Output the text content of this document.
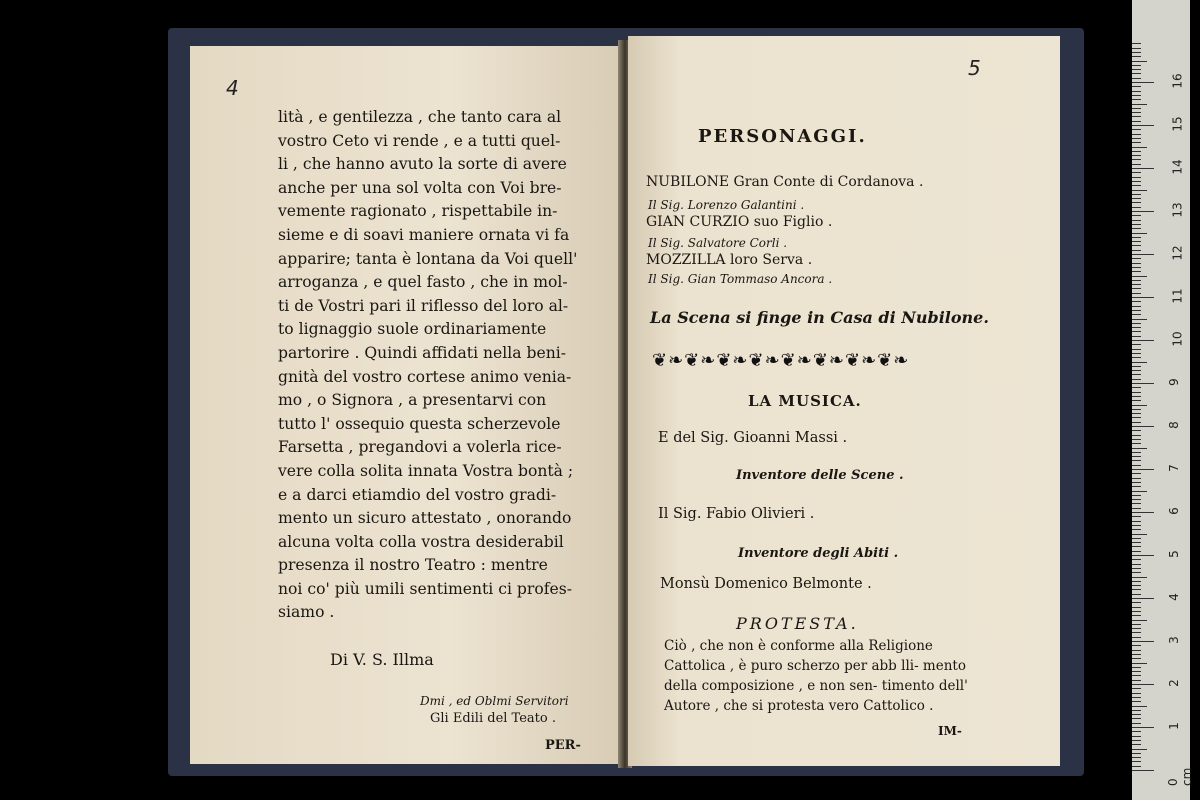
4
lità , e gentilezza , che tanto cara al
vostro Ceto vi rende , e a tutti quel-
li , che hanno avuto la sorte di avere
anche per una sol volta con Voi bre-
vemente ragionato , rispettabile in-
sieme e di soavi maniere ornata vi fa
apparire; tanta è lontana da Voi quell'
arroganza , e quel fasto , che in mol-
ti de Vostri pari il riflesso del loro al-
to lignaggio suole ordinariamente
partorire . Quindi affidati nella beni-
gnità del vostro cortese animo venia-
mo , o Signora , a presentarvi con
tutto l' ossequio questa scherzevole
Farsetta , pregandovi a volerla rice-
vere colla solita innata Vostra bontà ;
e a darci etiamdio del vostro gradi-
mento un sicuro attestato , onorando
alcuna volta colla vostra desiderabil
presenza il nostro Teatro : mentre
noi co' più umili sentimenti ci profes-
siamo .
Di V. S. Illma
Dmi , ed Oblmi Servitori
Gli Edili del Teato .
PER-
5
PERSONAGGI.
NUBILONE Gran Conte di Cordanova .
Il Sig. Lorenzo Galantini .
GIAN CURZIO suo Figlio .
Il Sig. Salvatore Corli .
MOZZILLA loro Serva .
Il Sig. Gian Tommaso Ancora .
La Scena si finge in Casa di Nubilone.
❦❧❦❧❦❧❦❧❦❧❦❧❦❧❦❧
LA MUSICA.
E del Sig. Gioanni Massi .
Inventore delle Scene .
Il Sig. Fabio Olivieri .
Inventore degli Abiti .
Monsù Domenico Belmonte .
PROTESTA.
Ciò , che non è conforme alla Religione Cattolica , è puro scherzo per abb lli- mento della composizione , e non sen- timento dell' Autore , che si protesta vero Cattolico .
IM-
0 cm
1
2
3
4
5
6
7
8
9
10
11
12
13
14
15
16
